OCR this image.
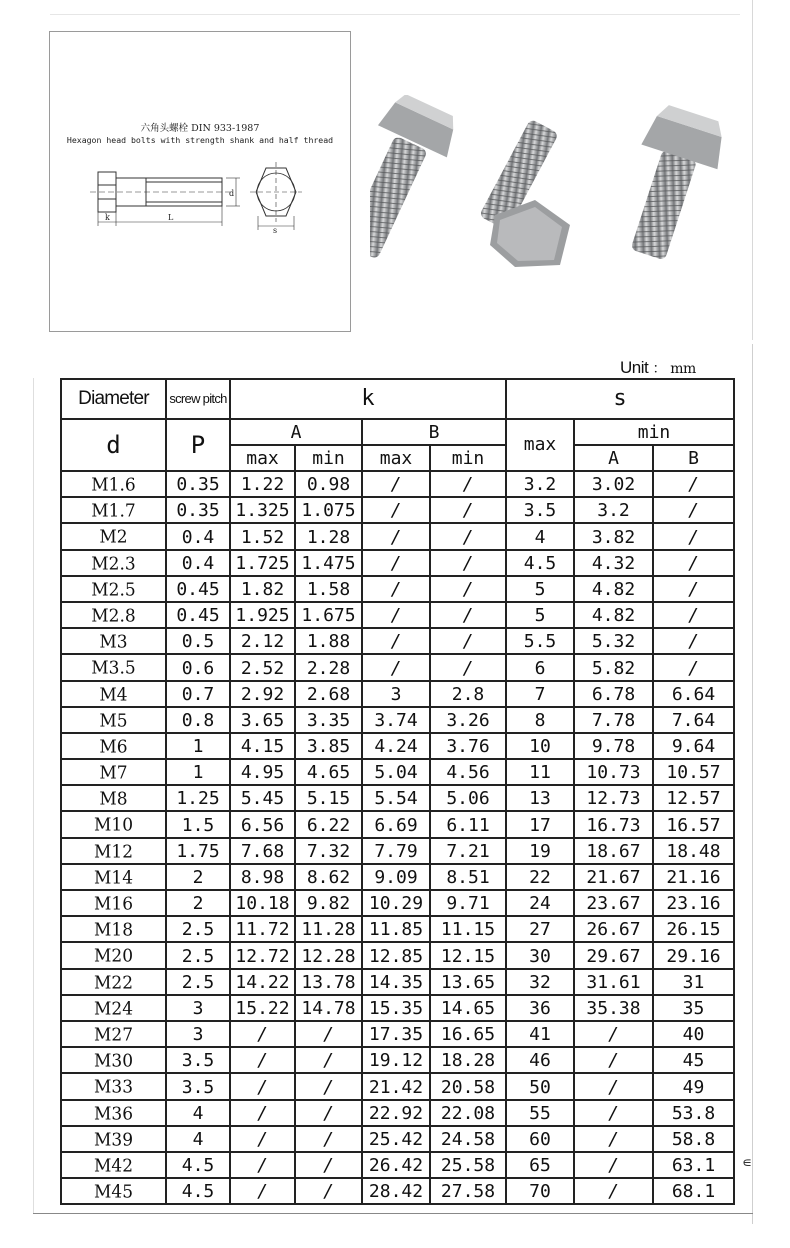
六角头螺栓 DIN 933-1987
Hexagon head bolts with strength shank and half thread
k	L
d
s
Unit ： mm
Diameter	screw pitch	k				s		
d	P	A		B		max	min	
		max	min	max	min		A	B
M1.6	0.35	1.22	0.98	/	/	3.2	3.02	/
M1.7	0.35	1.325	1.075	/	/	3.5	3.2	/
M2	0.4	1.52	1.28	/	/	4	3.82	/
M2.3	0.4	1.725	1.475	/	/	4.5	4.32	/
M2.5	0.45	1.82	1.58	/	/	5	4.82	/
M2.8	0.45	1.925	1.675	/	/	5	4.82	/
M3	0.5	2.12	1.88	/	/	5.5	5.32	/
M3.5	0.6	2.52	2.28	/	/	6	5.82	/
M4	0.7	2.92	2.68	3	2.8	7	6.78	6.64
M5	0.8	3.65	3.35	3.74	3.26	8	7.78	7.64
M6	1	4.15	3.85	4.24	3.76	10	9.78	9.64
M7	1	4.95	4.65	5.04	4.56	11	10.73	10.57
M8	1.25	5.45	5.15	5.54	5.06	13	12.73	12.57
M10	1.5	6.56	6.22	6.69	6.11	17	16.73	16.57
M12	1.75	7.68	7.32	7.79	7.21	19	18.67	18.48
M14	2	8.98	8.62	9.09	8.51	22	21.67	21.16
M16	2	10.18	9.82	10.29	9.71	24	23.67	23.16
M18	2.5	11.72	11.28	11.85	11.15	27	26.67	26.15
M20	2.5	12.72	12.28	12.85	12.15	30	29.67	29.16
M22	2.5	14.22	13.78	14.35	13.65	32	31.61	31
M24	3	15.22	14.78	15.35	14.65	36	35.38	35
M27	3	/	/	17.35	16.65	41	/	40
M30	3.5	/	/	19.12	18.28	46	/	45
M33	3.5	/	/	21.42	20.58	50	/	49
M36	4	/	/	22.92	22.08	55	/	53.8
M39	4	/	/	25.42	24.58	60	/	58.8
M42	4.5	/	/	26.42	25.58	65	/	63.1
M45	4.5	/	/	28.42	27.58	70	/	68.1
∊
